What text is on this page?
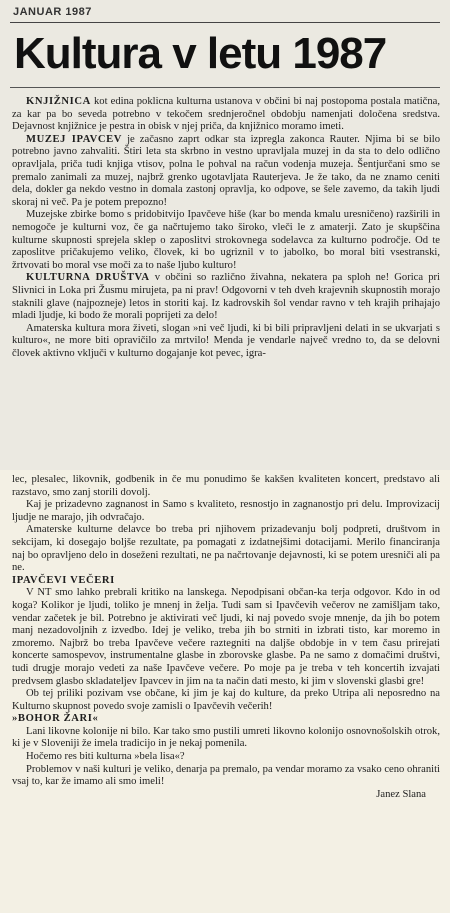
JANUAR 1987
Kultura v letu 1987

KNJIŽNICA kot edina poklicna kulturna ustanova v občini bi naj postopoma postala matična, za kar pa bo seveda potrebno v tekočem srednjeročnel obdobju namenjati določena sredstva. Dejavnost knjižnice je pestra in obisk v njej priča, da knjižnico moramo imeti.

MUZEJ IPAVCEV je začasno zaprt odkar sta izpregla zakonca Rauter. Njima bi se bilo potrebno javno zahvaliti. Štiri leta sta skrbno in vestno upravljala muzej in da sta to delo odlično opravljala, priča tudi knjiga vtisov, polna le pohval na račun vodenja muzeja. Šentjurčani smo se premalo zanimali za muzej, najbrž grenko ugotavljata Rauterjeva. Je že tako, da ne znamo ceniti dela, dokler ga nekdo vestno in domala zastonj opravlja, ko odpove, se šele zavemo, da takih ljudi skoraj ni več. Pa je potem prepozno!

Muzejske zbirke bomo s pridobitvijo Ipavčeve hiše (kar bo menda kmalu uresničeno) razširili in nemogoče je kulturni voz, če ga načrtujemo tako široko, vleči le z amaterji. Zato je skupščina kulturne skupnosti sprejela sklep o zaposlitvi strokovnega sodelavca za kulturno področje. Od te zaposlitve pričakujemo veliko, človek, ki bo ugriznil v to jabolko, bo moral biti vsestranski, žrtvovati bo moral vse moči za to naše ljubo kulturo!

KULTURNA DRUŠTVA v občini so različno živahna, nekatera pa sploh ne! Gorica pri Slivnici in Loka pri Žusmu mirujeta, pa ni prav! Odgovorni v teh dveh krajevnih skupnostih morajo staknili glave (najpozneje) letos in storiti kaj. Iz kadrovskih šol vendar ravno v teh krajih prihajajo mladi ljudje, ki bodo že morali poprijeti za delo!

Amaterska kultura mora živeti, slogan »ni več ljudi, ki bi bili pripravljeni delati in se ukvarjati s kulturo«, ne more biti opravičilo za mrtvilo! Menda je vendarle največ vredno to, da se delovni človek aktivno vključi v kulturno dogajanje kot pevec, igra-

lec, plesalec, likovnik, godbenik in če mu ponudimo še kakšen kvaliteten koncert, predstavo ali razstavo, smo zanj storili dovolj.

Kaj je prizadevno zagnanost in Samo s kvaliteto, resnostjo in zagnanostjo pri delu. Improvizacij ljudje ne marajo, jih odvračajo.

Amaterske kulturne delavce bo treba pri njihovem prizadevanju bolj podpreti, društvom in sekcijam, ki dosegajo boljše rezultate, pa pomagati z izdatnejšimi dotacijami. Merilo financiranja naj bo opravljeno delo in doseženi rezultati, ne pa načrtovanje dejavnosti, ki se potem uresniči ali pa ne.

IPAVČEVI VEČERI

V NT smo lahko prebrali kritiko na lanskega. Nepodpisani občan-ka terja odgovor. Kdo in od koga? Kolikor je ljudi, toliko je mnenj in želja. Tudi sam si Ipavčevih večerov ne zamišljam tako, vendar začetek je bil. Potrebno je aktivirati več ljudi, ki naj povedo svoje mnenje, da jih bo potem manj nezadovoljnih z izvedbo. Idej je veliko, treba jih bo strniti in izbrati tisto, kar moremo in zmoremo. Najbrž bo treba Ipavčeve večere raztegniti na daljše obdobje in v tem času prirejati koncerte samospevov, instrumentalne glasbe in zborovske glasbe. Pa ne samo z domačimi društvi, tudi drugje morajo vedeti za naše Ipavčeve večere. Po moje pa je treba v teh koncertih izvajati predvsem glasbo skladateljev Ipavcev in jim na ta način dati mesto, ki jim v slovenski glasbi gre!

Ob tej priliki pozivam vse občane, ki jim je kaj do kulture, da preko Utripa ali neposredno na Kulturno skupnost povedo svoje zamisli o Ipavčevih večerih!

»BOHOR ŽARI«

Lani likovne kolonije ni bilo. Kar tako smo pustili umreti likovno kolonijo osnovnošolskih otrok, ki je v Sloveniji že imela tradicijo in je nekaj pomenila.

Hočemo res biti kulturna »bela lisa«?

Problemov v naši kulturi je veliko, denarja pa premalo, pa vendar moramo za vsako ceno ohraniti vsaj to, kar že imamo ali smo imeli!

Janez Slana
